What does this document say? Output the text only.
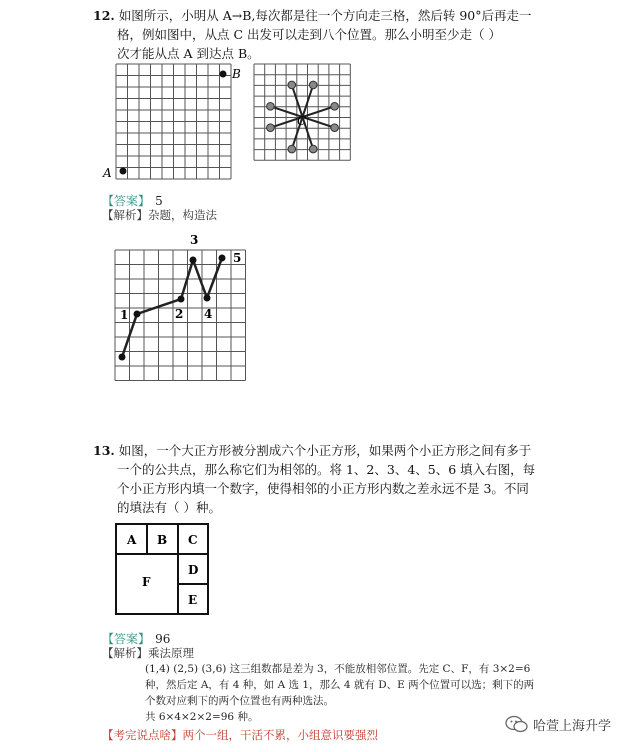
12. 如图所示，小明从 A→B,每次都是往一个方向走三格，然后转 90°后再走一
格，例如图中，从点 C 出发可以走到八个位置。那么小明至少走（ ）
次才能从点 A 到达点 B。
B
A
C
【答案】 5
【解析】杂题，构造法
1	2
3
4
5
13. 如图，一个大正方形被分割成六个小正方形，如果两个小正方形之间有多于
一个的公共点，那么称它们为相邻的。将 1、2、3、4、5、6 填入右图，每
个小正方形内填一个数字，使得相邻的小正方形内数之差永远不是 3。不同
的填法有（ ）种。
A B C
D
E
F
【答案】 96
【解析】乘法原理
(1,4) (2,5) (3,6) 这三组数都是差为 3，不能放相邻位置。先定 C、F，有 3×2=6
种，然后定 A，有 4 种，如 A 选 1，那么 4 就有 D、E 两个位置可以选；剩下的两
个数对应剩下的两个位置也有两种选法。
共 6×4×2×2=96 种。
【考完说点啥】两个一组，干活不累，小组意识要强烈
哈萱上海升学
